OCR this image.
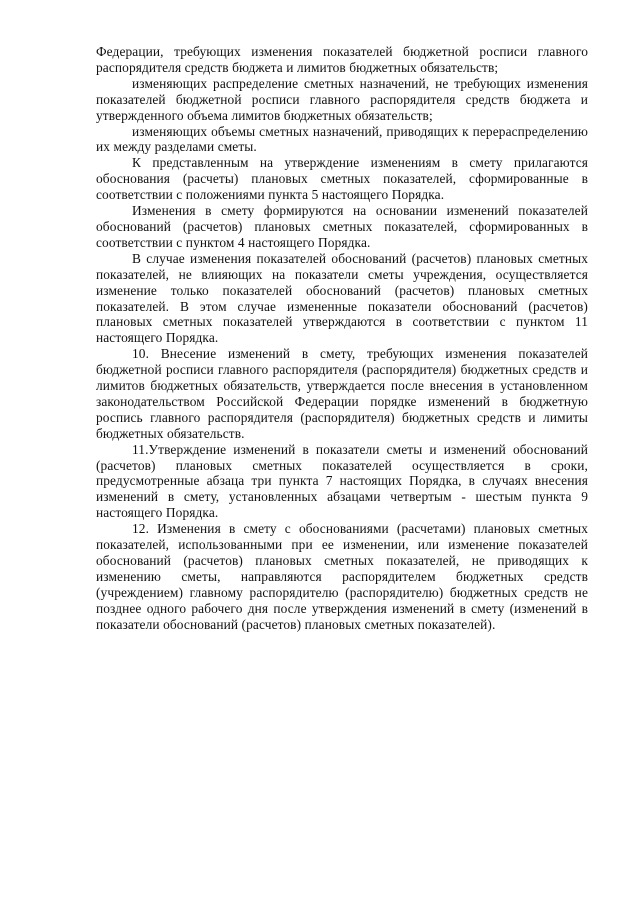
Федерации, требующих изменения показателей бюджетной росписи главного распорядителя средств бюджета и лимитов бюджетных обязательств;

изменяющих распределение сметных назначений, не требующих изменения показателей бюджетной росписи главного распорядителя средств бюджета и утвержденного объема лимитов бюджетных обязательств;

изменяющих объемы сметных назначений, приводящих к перераспределению их между разделами сметы.

К представленным на утверждение изменениям в смету прилагаются обоснования (расчеты) плановых сметных показателей, сформированные в соответствии с положениями пункта 5 настоящего Порядка.

Изменения в смету формируются на основании изменений показателей обоснований (расчетов) плановых сметных показателей, сформированных в соответствии с пунктом 4 настоящего Порядка.

В случае изменения показателей обоснований (расчетов) плановых сметных показателей, не влияющих на показатели сметы учреждения, осуществляется изменение только показателей обоснований (расчетов) плановых сметных показателей. В этом случае измененные показатели обоснований (расчетов) плановых сметных показателей утверждаются в соответствии с пунктом 11 настоящего Порядка.

10. Внесение изменений в смету, требующих изменения показателей бюджетной росписи главного распорядителя (распорядителя) бюджетных средств и лимитов бюджетных обязательств, утверждается после внесения в установленном законодательством Российской Федерации порядке изменений в бюджетную роспись главного распорядителя (распорядителя) бюджетных средств и лимиты бюджетных обязательств.

11.Утверждение изменений в показатели сметы и изменений обоснований (расчетов) плановых сметных показателей осуществляется в сроки, предусмотренные абзаца три пункта 7 настоящих Порядка, в случаях внесения изменений в смету, установленных абзацами четвертым - шестым пункта 9 настоящего Порядка.

12. Изменения в смету с обоснованиями (расчетами) плановых сметных показателей, использованными при ее изменении, или изменение показателей обоснований (расчетов) плановых сметных показателей, не приводящих к изменению сметы, направляются распорядителем бюджетных средств (учреждением) главному распорядителю (распорядителю) бюджетных средств не позднее одного рабочего дня после утверждения изменений в смету (изменений в показатели обоснований (расчетов) плановых сметных показателей).
